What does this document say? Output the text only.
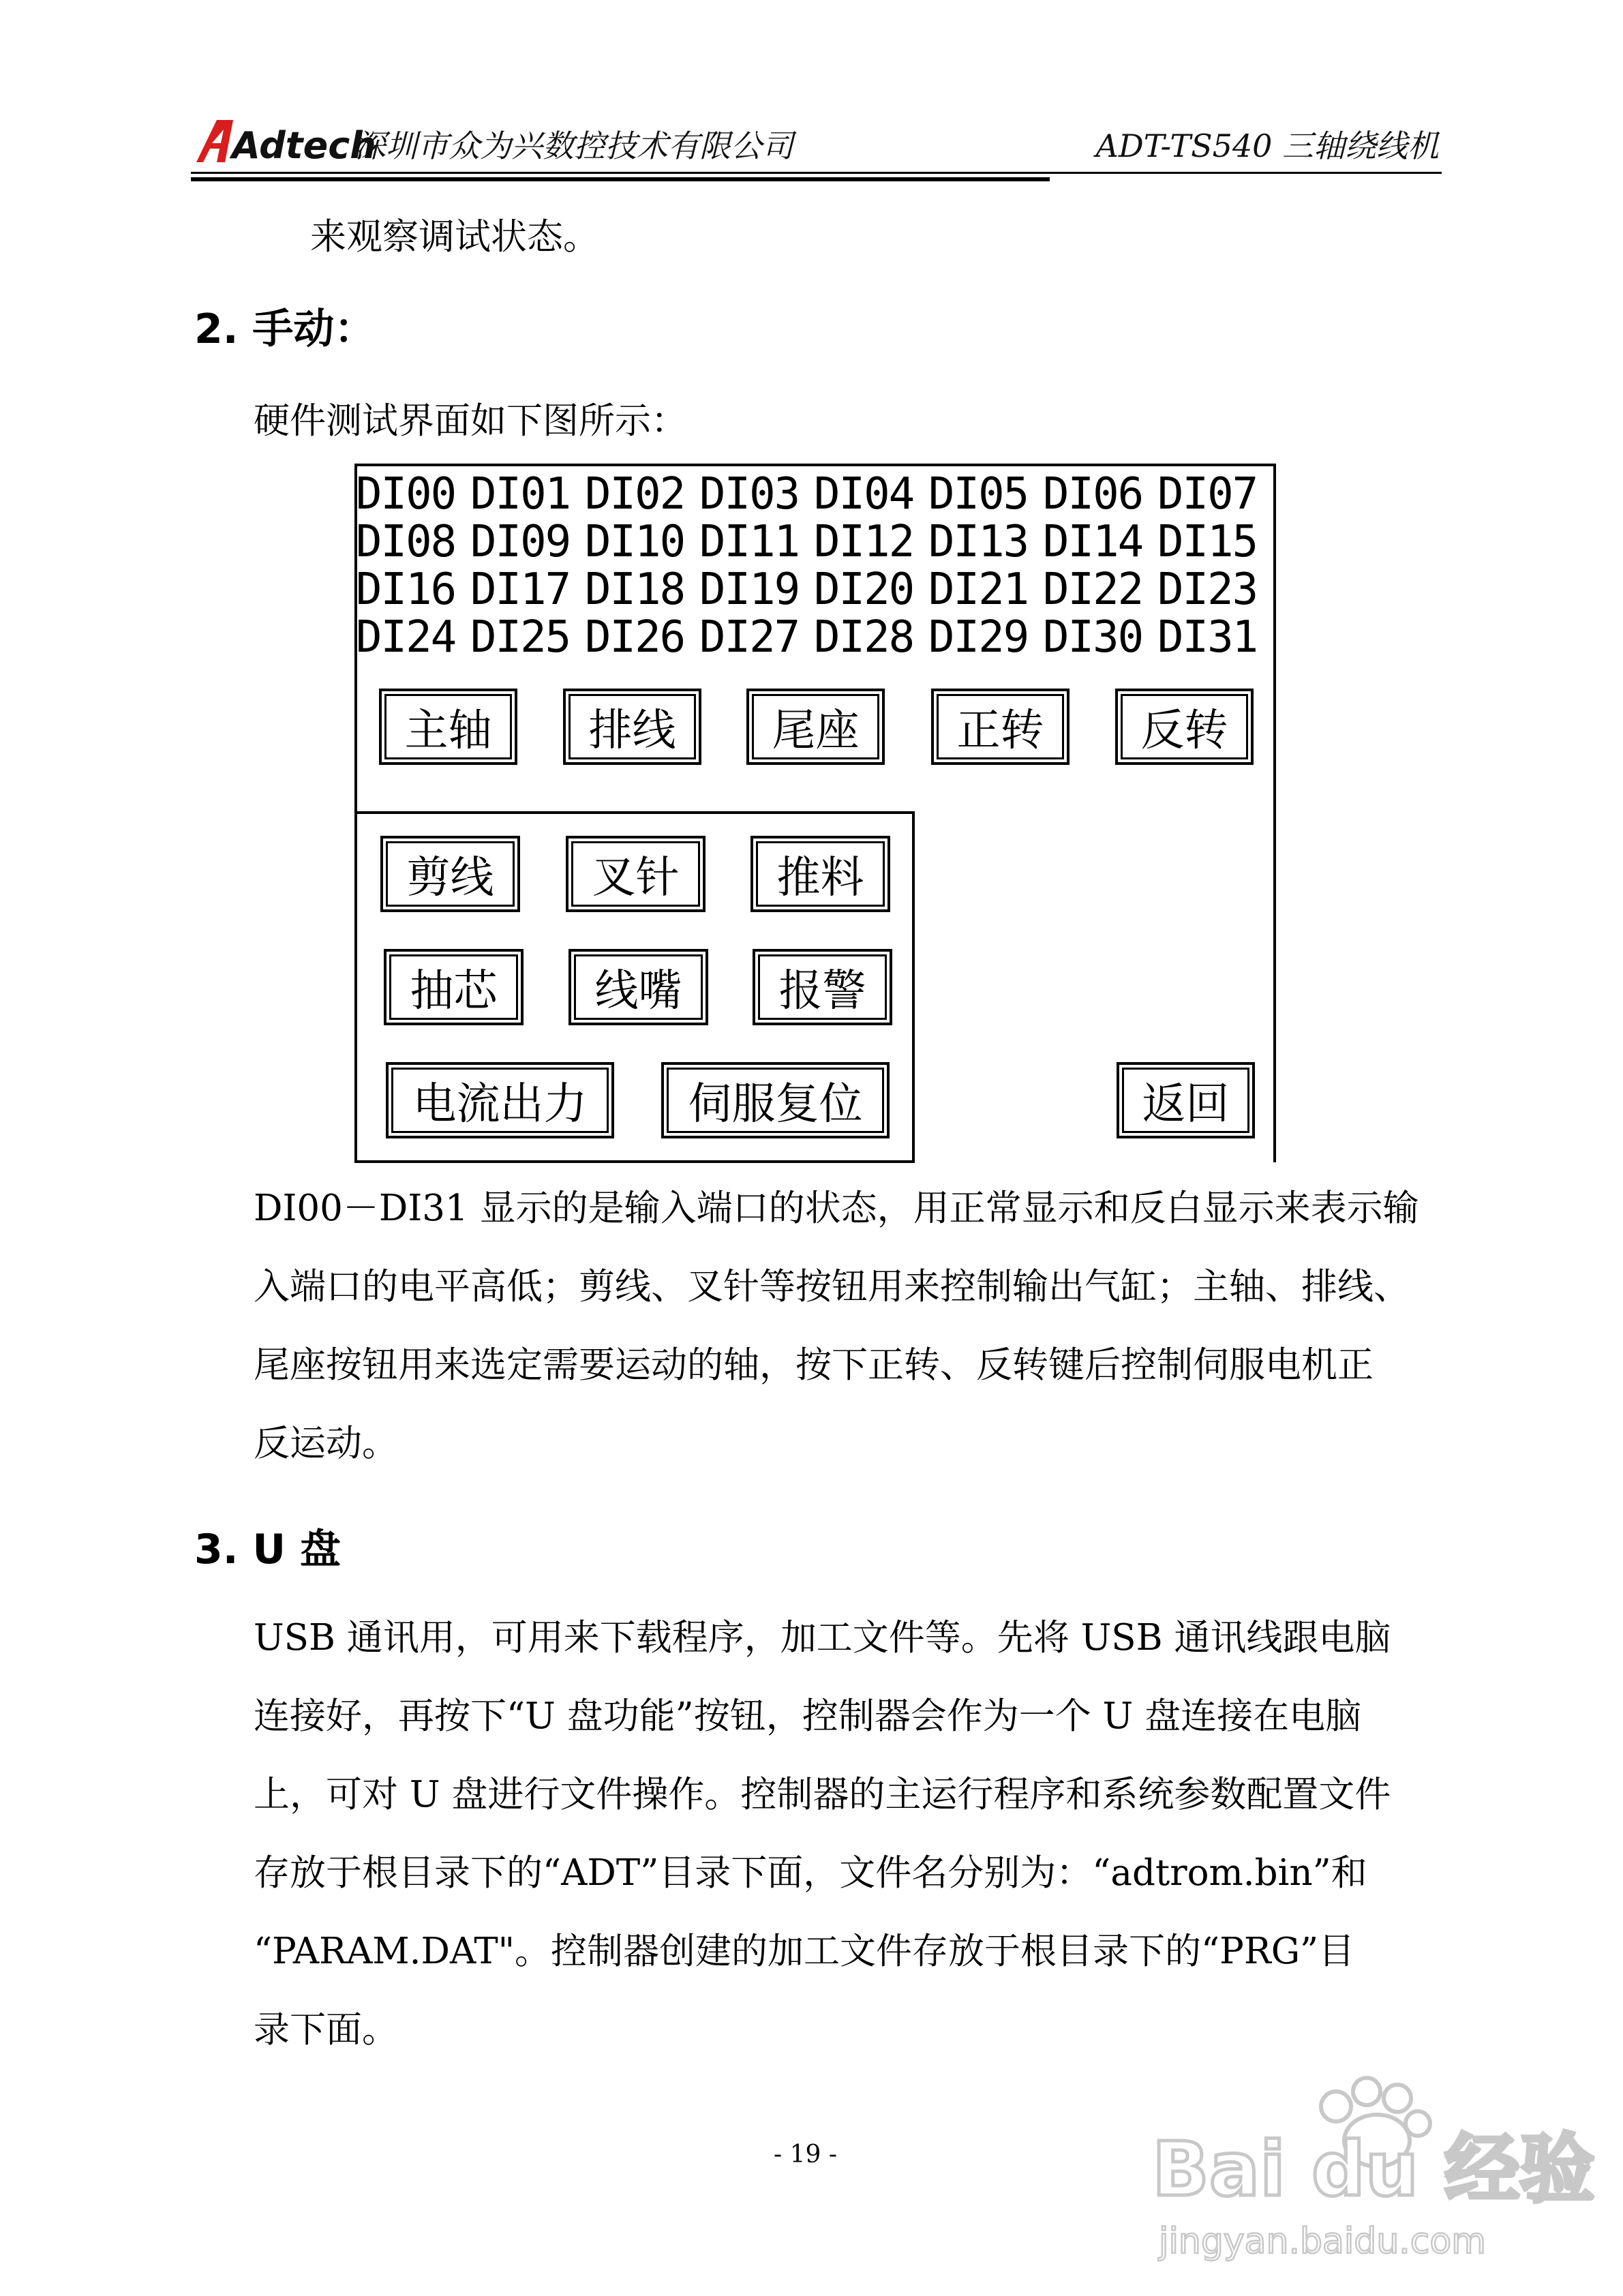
Adtech
深圳市众为兴数控技术有限公司	ADT-TS540 三轴绕线机
来观察调试状态。
2. 手动：
硬件测试界面如下图所示：
DI00 DI01 DI02 DI03 DI04 DI05 DI06 DI07
DI08 DI09 DI10 DI11 DI12 DI13 DI14 DI15
DI16 DI17 DI18 DI19 DI20 DI21 DI22 DI23
DI24 DI25 DI26 DI27 DI28 DI29 DI30 DI31
主轴	排线	尾座	正转	反转
剪线	叉针	推料
抽芯	线嘴	报警
电流出力	伺服复位	返回
DI00－DI31 显示的是输入端口的状态，用正常显示和反白显示来表示输
入端口的电平高低；剪线、叉针等按钮用来控制输出气缸；主轴、排线、
尾座按钮用来选定需要运动的轴，按下正转、反转键后控制伺服电机正
反运动。
3. U 盘
USB 通讯用，可用来下载程序，加工文件等。先将 USB 通讯线跟电脑
连接好，再按下“U 盘功能”按钮，控制器会作为一个 U 盘连接在电脑
上，可对 U 盘进行文件操作。控制器的主运行程序和系统参数配置文件
存放于根目录下的“ADT”目录下面，文件名分别为：“adtrom.bin”和
“PARAM.DAT"。控制器创建的加工文件存放于根目录下的“PRG”目
录下面。
- 19 -	Bai du 经验
jingyan.baidu.com
